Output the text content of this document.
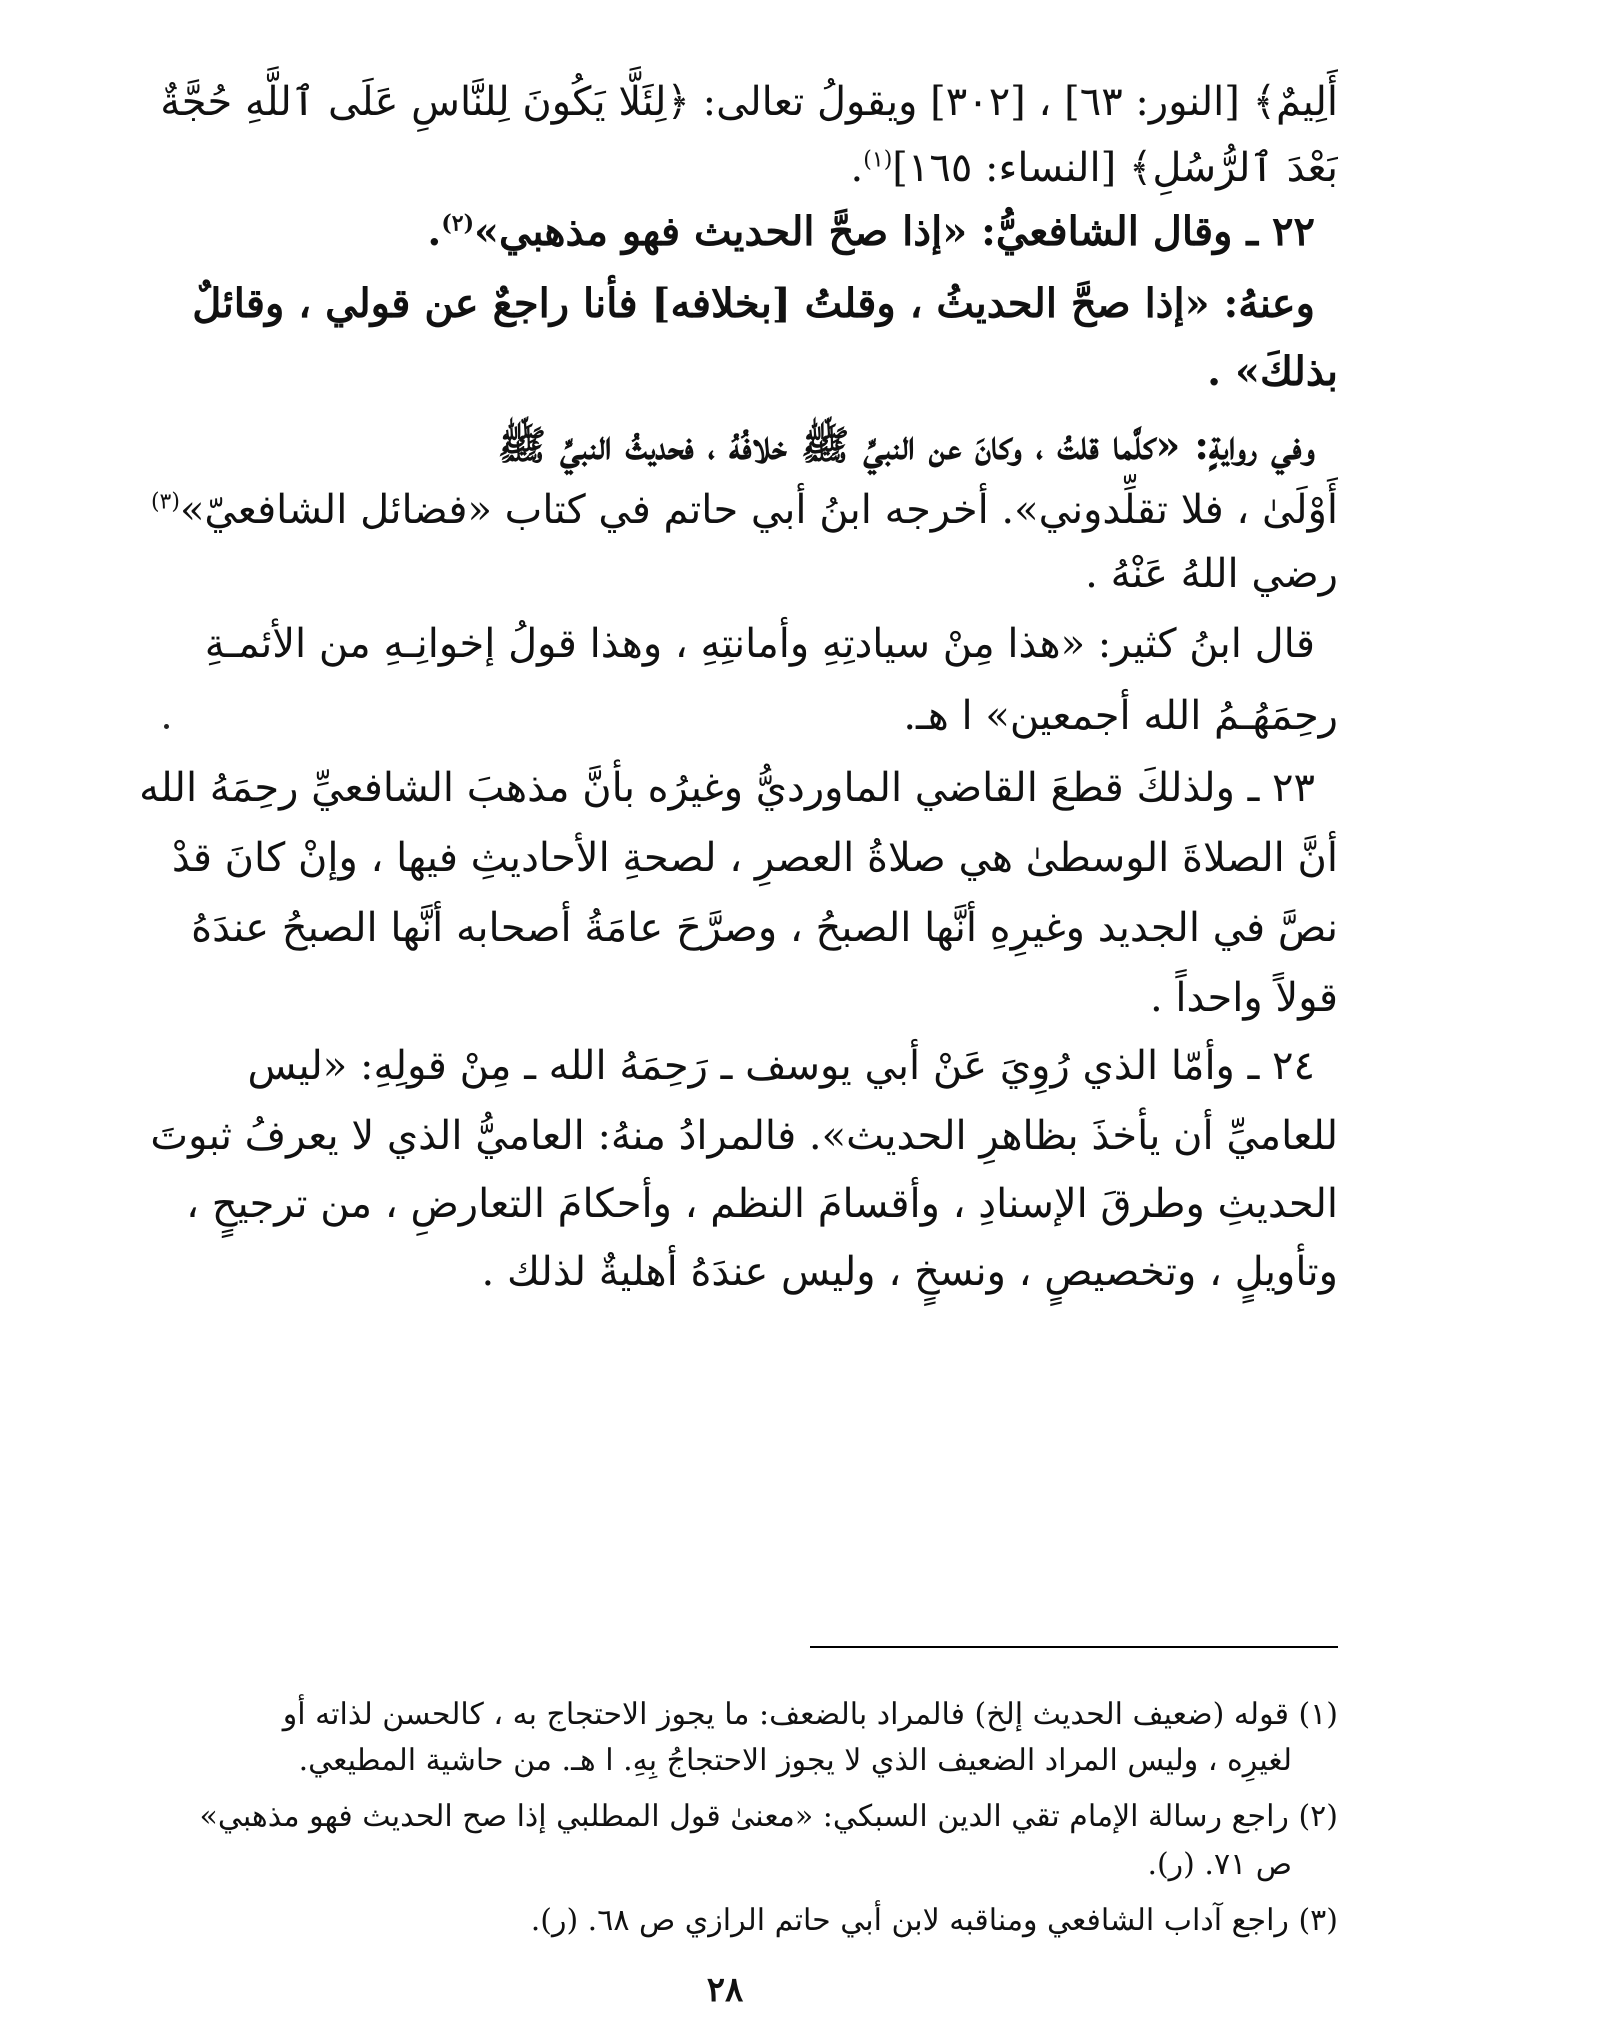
أَلِيمٌ﴾ [النور: ٦٣] ، [٣٠٢] ويقولُ تعالى: ﴿لِئَلَّا يَكُونَ لِلنَّاسِ عَلَى ٱللَّهِ حُجَّةٌ
بَعْدَ ٱلرُّسُلِ﴾ [النساء: ١٦٥]$^{(١)}$.
٢٢ ـ وقال الشافعيُّ: «إذا صحَّ الحديث فهو مذهبي»$^{(٢)}$.
وعنهُ: «إذا صحَّ الحديثُ ، وقلتُ [بخلافه] فأنا راجعٌ عن قولي ، وقائلٌ
بذلكَ» .
وفي روايةٍ: «كلَّما قلتُ ، وكانَ عن النبيِّ ﷺ خلافُهُ ، فحديثُ النبيِّ ﷺ
أَوْلَىٰ ، فلا تقلِّدوني». أخرجه ابنُ أبي حاتم في كتاب «فضائل الشافعيّ»$^{(٣)}$
رضي اللهُ عَنْهُ .
قال ابنُ كثير: «هذا مِنْ سيادتِهِ وأمانتِهِ ، وهذا قولُ إخوانِـهِ من الأئمـةِ
رحِمَهُـمُ الله أجمعين» ا هـ.
٢٣ ـ ولذلكَ قطعَ القاضي الماورديُّ وغيرُه بأنَّ مذهبَ الشافعيِّ رحِمَهُ الله
أنَّ الصلاةَ الوسطىٰ هي صلاةُ العصرِ ، لصحةِ الأحاديثِ فيها ، وإنْ كانَ قدْ
نصَّ في الجديد وغيرِهِ أنَّها الصبحُ ، وصرَّحَ عامَةُ أصحابه أنَّها الصبحُ عندَهُ
قولاً واحداً .
٢٤ ـ وأمّا الذي رُوِيَ عَنْ أبي يوسف ـ رَحِمَهُ الله ـ مِنْ قولِهِ: «ليس
للعاميِّ أن يأخذَ بظاهرِ الحديث». فالمرادُ منهُ: العاميُّ الذي لا يعرفُ ثبوتَ
الحديثِ وطرقَ الإسنادِ ، وأقسامَ النظم ، وأحكامَ التعارضِ ، من ترجيحٍ ،
وتأويلٍ ، وتخصيصٍ ، ونسخٍ ، وليس عندَهُ أهليةٌ لذلك .
(١) قوله (ضعيف الحديث إلخ) فالمراد بالضعف: ما يجوز الاحتجاج به ، كالحسن لذاته أو
لغيرِه ، وليس المراد الضعيف الذي لا يجوز الاحتجاجُ بِهِ. ا هـ. من حاشية المطيعي.
(٢) راجع رسالة الإمام تقي الدين السبكي: «معنىٰ قول المطلبي إذا صح الحديث فهو مذهبي»
ص ٧١. (ر).
(٣) راجع آداب الشافعي ومناقبه لابن أبي حاتم الرازي ص ٦٨. (ر).
٢٨
